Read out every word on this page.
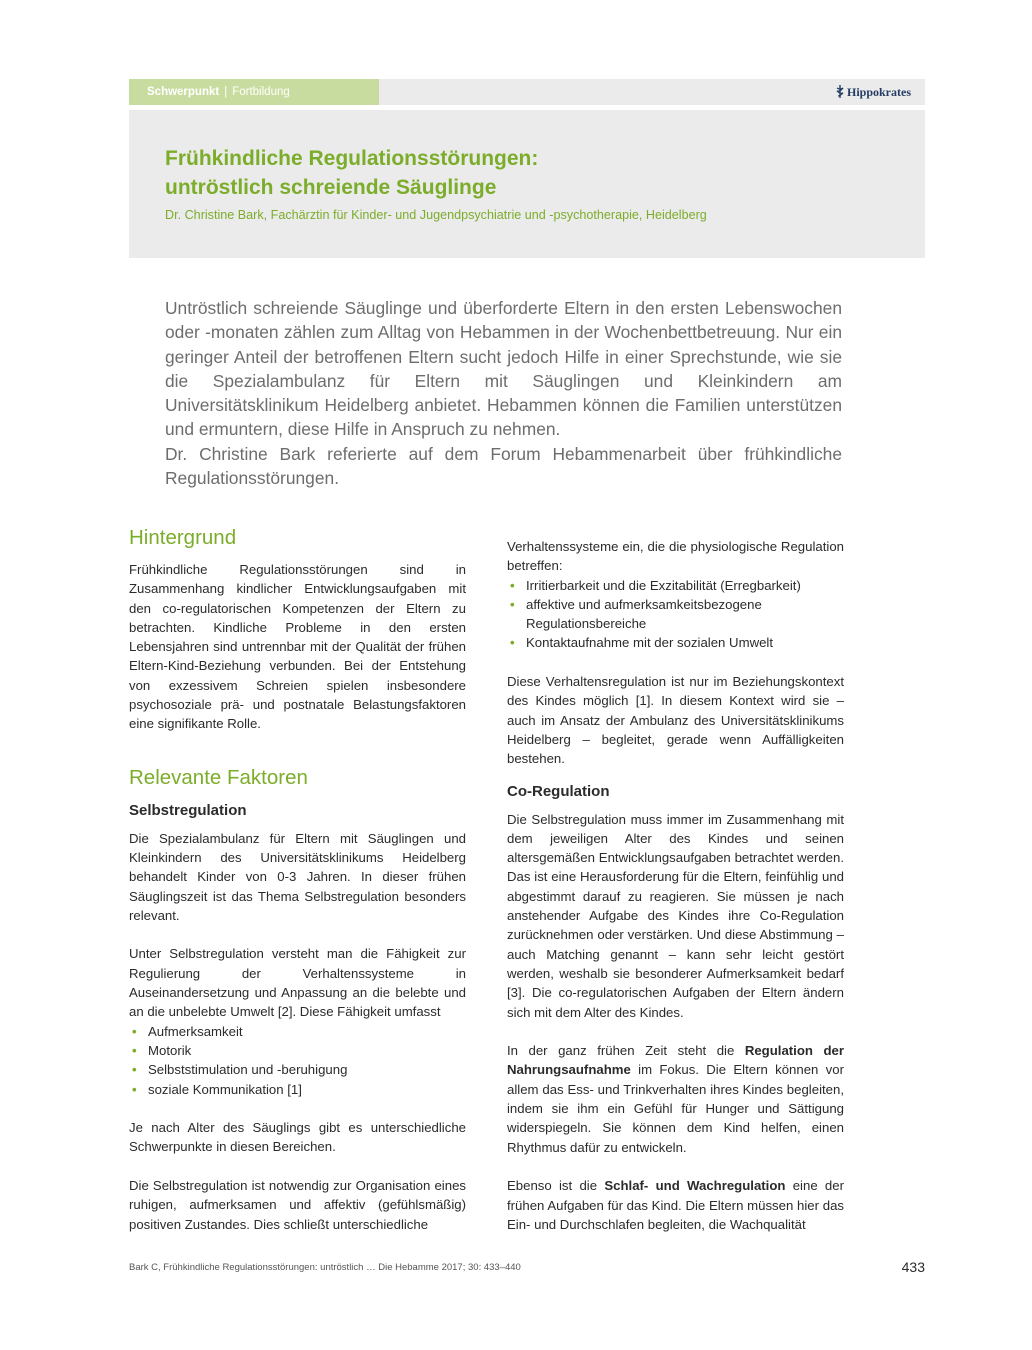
Schwerpunkt | Fortbildung	Hippokrates
Frühkindliche Regulationsstörungen:
untröstlich schreiende Säuglinge
Dr. Christine Bark, Fachärztin für Kinder- und Jugendpsychiatrie und -psychotherapie, Heidelberg

Untröstlich schreiende Säuglinge und überforderte Eltern in den ersten Lebenswochen oder -monaten zählen zum Alltag von Hebammen in der Wochenbettbetreuung. Nur ein geringer Anteil der betroffenen Eltern sucht jedoch Hilfe in einer Sprechstunde, wie sie die Spezialambulanz für Eltern mit Säuglingen und Kleinkindern am Universitätsklinikum Heidelberg anbietet. Hebammen können die Familien unterstützen und ermuntern, diese Hilfe in Anspruch zu nehmen.

Dr. Christine Bark referierte auf dem Forum Hebammenarbeit über frühkindliche Regulationsstörungen.

Hintergrund

Frühkindliche Regulationsstörungen sind in Zusammenhang kindlicher Entwicklungsaufgaben mit den co-regulatorischen Kompetenzen der Eltern zu betrachten. Kindliche Probleme in den ersten Lebensjahren sind untrennbar mit der Qualität der frühen Eltern-Kind-Beziehung verbunden. Bei der Entstehung von exzessivem Schreien spielen insbesondere psychosoziale prä- und postnatale Belastungsfaktoren eine signifikante Rolle.

Relevante Faktoren
Selbstregulation

Die Spezialambulanz für Eltern mit Säuglingen und Kleinkindern des Universitätsklinikums Heidelberg behandelt Kinder von 0-3 Jahren. In dieser frühen Säuglingszeit ist das Thema Selbstregulation besonders relevant.

Unter Selbstregulation versteht man die Fähigkeit zur Regulierung der Verhaltenssysteme in Auseinandersetzung und Anpassung an die belebte und an die unbelebte Umwelt [2]. Diese Fähigkeit umfasst

• Aufmerksamkeit
• Motorik
• Selbststimulation und -beruhigung
• soziale Kommunikation [1]

Je nach Alter des Säuglings gibt es unterschiedliche Schwerpunkte in diesen Bereichen.

Die Selbstregulation ist notwendig zur Organisation eines ruhigen, aufmerksamen und affektiv (gefühlsmäßig) positiven Zustandes. Dies schließt unterschiedliche

Verhaltenssysteme ein, die die physiologische Regulation betreffen:

• Irritierbarkeit und die Exzitabilität (Erregbarkeit)
• affektive und aufmerksamkeitsbezogene Regulationsbereiche
• Kontaktaufnahme mit der sozialen Umwelt

Diese Verhaltensregulation ist nur im Beziehungskontext des Kindes möglich [1]. In diesem Kontext wird sie – auch im Ansatz der Ambulanz des Universitätsklinikums Heidelberg – begleitet, gerade wenn Auffälligkeiten bestehen.

Co-Regulation

Die Selbstregulation muss immer im Zusammenhang mit dem jeweiligen Alter des Kindes und seinen altersgemäßen Entwicklungsaufgaben betrachtet werden. Das ist eine Herausforderung für die Eltern, feinfühlig und abgestimmt darauf zu reagieren. Sie müssen je nach anstehender Aufgabe des Kindes ihre Co-Regulation zurücknehmen oder verstärken. Und diese Abstimmung – auch Matching genannt – kann sehr leicht gestört werden, weshalb sie besonderer Aufmerksamkeit bedarf [3]. Die co-regulatorischen Aufgaben der Eltern ändern sich mit dem Alter des Kindes.

In der ganz frühen Zeit steht die Regulation der Nahrungsaufnahme im Fokus. Die Eltern können vor allem das Ess- und Trinkverhalten ihres Kindes begleiten, indem sie ihm ein Gefühl für Hunger und Sättigung widerspiegeln. Sie können dem Kind helfen, einen Rhythmus dafür zu entwickeln.

Ebenso ist die Schlaf- und Wachregulation eine der frühen Aufgaben für das Kind. Die Eltern müssen hier das Ein- und Durchschlafen begleiten, die Wachqualität

Bark C, Frühkindliche Regulationsstörungen: untröstlich … Die Hebamme 2017; 30: 433–440	433
